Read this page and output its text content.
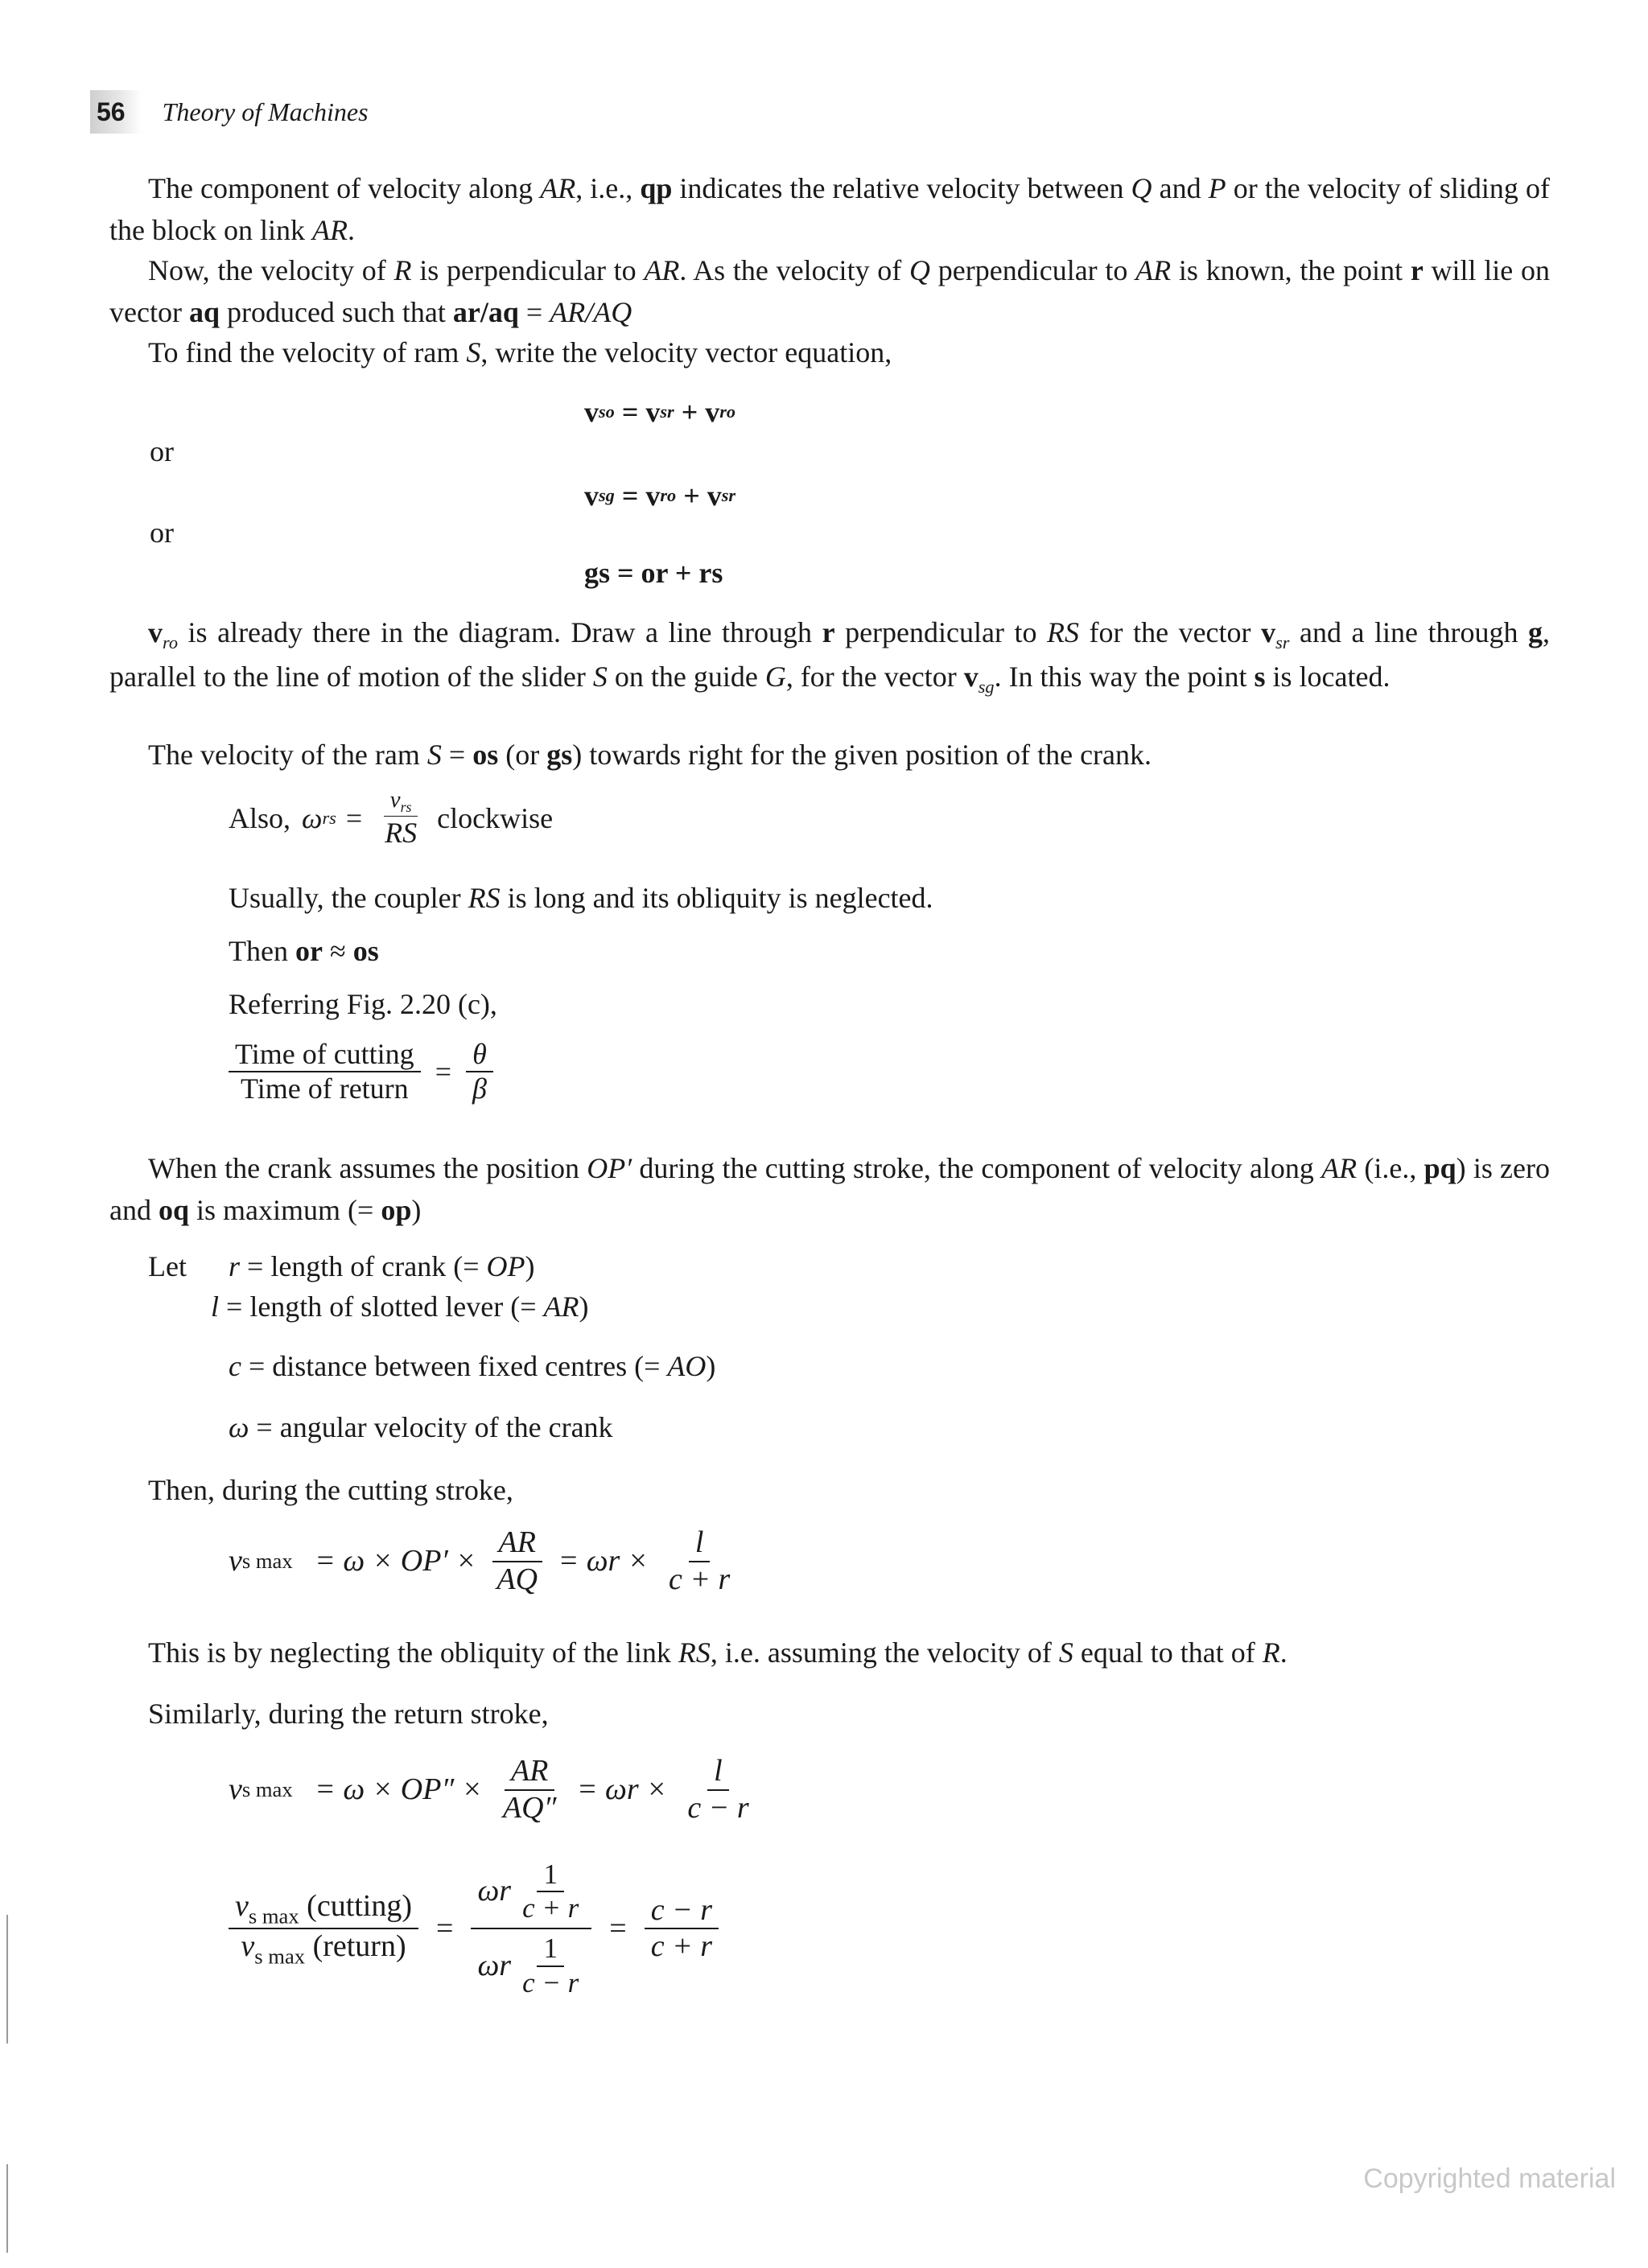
56	Theory of Machines

The component of velocity along AR, i.e., qp indicates the relative velocity between Q and P or the velocity of sliding of the block on link AR.

Now, the velocity of R is perpendicular to AR. As the velocity of Q perpendicular to AR is known, the point r will lie on vector aq produced such that ar/aq = AR/AQ

To find the velocity of ram S, write the velocity vector equation,

v so = v sr + v ro
or
v sg = v ro + v sr
or
gs = or + rs

$v_{ro}$ is already there in the diagram. Draw a line through r perpendicular to RS for the vector $v_{sr}$ and a line through g, parallel to the line of motion of the slider S on the guide G, for the vector $v_{sg}$. In this way the point s is located.

The velocity of the ram S = os (or gs) towards right for the given position of the crank.

Also, ω rs = $\frac{v_{rs}}{RS}$ clockwise

Usually, the coupler RS is long and its obliquity is neglected.

Then or ≈ os

Referring Fig. 2.20 (c),

$\frac{\text{Time of cutting}}{\text{Time of return}} = \frac{\theta}{\beta}$

When the crank assumes the position OP′ during the cutting stroke, the component of velocity along AR (i.e., pq) is zero and oq is maximum (= op)

Let r = length of crank (= OP)
l = length of slotted lever (= AR)
c = distance between fixed centres (= AO)
ω = angular velocity of the crank

Then, during the cutting stroke,

v s $\max = \omega \times OP' \times \frac{AR}{AQ} = \omega r \times \frac{l}{c + r}$

This is by neglecting the obliquity of the link RS, i.e. assuming the velocity of S equal to that of R.

Similarly, during the return stroke,

v s $\max = \omega \times OP'' \times \frac{AR}{AQ''} = \omega r \times \frac{l}{c - r}$
$\frac{v_{s max} (cutting)}{v_{s max} (return)} = \frac{\omega r \frac{1}{c + r}}{\omega r \frac{1}{c - r}} = \frac{c - r}{c + r}$
Copyrighted material
